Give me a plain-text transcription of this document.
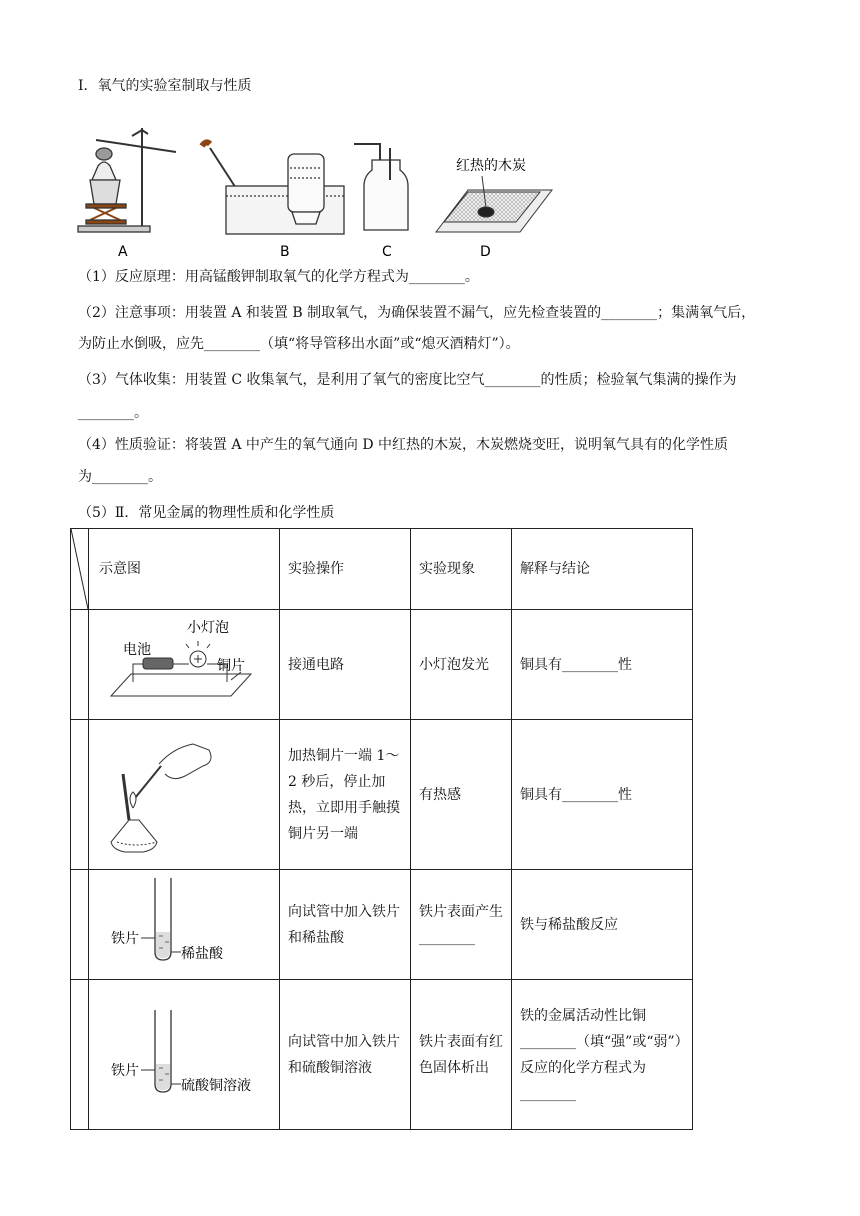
I．氧气的实验室制取与性质
A	B	C
红热的木炭
D
（1）反应原理：用高锰酸钾制取氧气的化学方程式为________。
（2）注意事项：用装置 A 和装置 B 制取氧气，为确保装置不漏气，应先检查装置的________；集满氧气后，
为防止水倒吸，应先________（填“将导管移出水面”或“熄灭酒精灯”）。
（3）气体收集：用装置 C 收集氧气，是利用了氧气的密度比空气________的性质；检验氧气集满的操作为
________。
（4）性质验证：将装置 A 中产生的氧气通向 D 中红热的木炭，木炭燃烧变旺，说明氧气具有的化学性质
为________。
（5）Ⅱ．常见金属的物理性质和化学性质
	示意图	实验操作	实验现象	解释与结论

电池
小灯泡
铜片	接通电路	小灯泡发光	铜具有________性
		加热铜片一端 1～2 秒后，停止加热，立即用手触摸铜片另一端	有热感	铜具有________性

铁片
稀盐酸	向试管中加入铁片和稀盐酸	铁片表面产生________	铁与稀盐酸反应

铁片
硫酸铜溶液	向试管中加入铁片和硫酸铜溶液	铁片表面有红色固体析出	铁的金属活动性比铜________（填“强”或“弱”）反应的化学方程式为________
